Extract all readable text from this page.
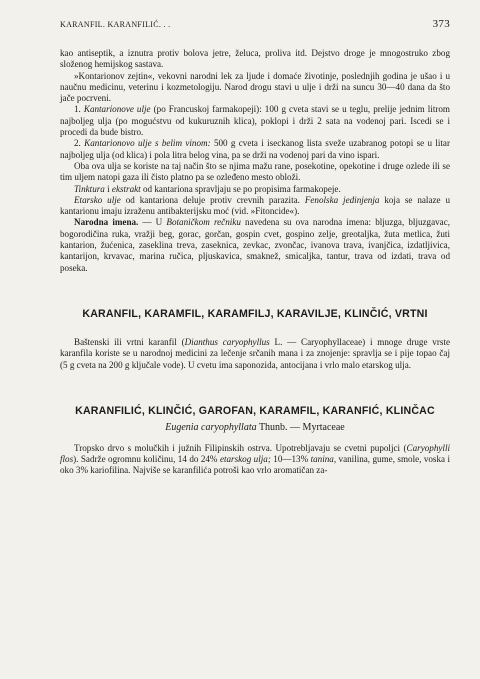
KARANFIL. KARANFILIĆ. . .	373

kao antiseptik, a iznutra protiv bolova jetre, želuca, proliva itd. Dejstvo droge je mnogostruko zbog složenog hemijskog sastava.

»Kontarionov zejtin«, vekovni narodni lek za ljude i domaće životinje, poslednjih godina je ušao i u naučnu medicinu, veterinu i kozmetologiju. Narod drogu stavi u ulje i drži na suncu 30—40 dana da što jače pocrveni.

1. Kantarionove ulje (po Francuskoj farmakopeji): 100 g cveta stavi se u teglu, prelije jednim litrom najboljeg ulja (po mogućstvu od kukuruznih klica), poklopi i drži 2 sata na vodenoj pari. Iscedi se i procedi da bude bistro.

2. Kantarionovo ulje s belim vinom: 500 g cveta i iseckanog lista sveže uzabranog potopi se u litar najboljeg ulja (od klica) i pola litra belog vina, pa se drži na vodenoj pari da vino ispari.

Oba ova ulja se koriste na taj način što se njima mažu rane, posekotine, opekotine i druge ozlede ili se tim uljem natopi gaza ili čisto platno pa se ozleđeno mesto obloži.

Tinktura i ekstrakt od kantariona spravljaju se po propisima farmakopeje.

Etarsko ulje od kantariona deluje protiv crevnih parazita. Fenolska jedinjenja koja se nalaze u kantarionu imaju izraženu antibakterijsku moć (vid. »Fitoncide«).

Narodna imena. — U Botaničkom rečniku navedena su ova narodna imena: bljuzga, bljuzgavac, bogorodičina ruka, vražji beg, gorac, gorčan, gospin cvet, gospino zelje, greotaljka, žuta metlica, žuti kantarion, žućenica, zaseklina treva, zaseknica, zevkac, zvončac, ivanova trava, ivanjčica, izdatljivica, kantarijon, krvavac, marina ručica, pljuskavica, smaknež, smicaljka, tantur, trava od izdati, trava od poseka.

KARANFIL, KARAMFIL, KARAMFILJ, KARAVILJE, KLINČIĆ, VRTNI

Baštenski ili vrtni karanfil (Dianthus caryophyllus L. — Caryophyllaceae) i mnoge druge vrste karanfila koriste se u narodnoj medicini za lečenje srčanih mana i za znojenje: spravlja se i pije topao čaj (5 g cveta na 200 g ključale vode). U cvetu ima saponozida, antocijana i vrlo malo etarskog ulja.

KARANFILIĆ, KLINČIĆ, GAROFAN, KARAMFIL, KARANFIĆ, KLINČAC
Eugenia caryophyllata Thunb. — Myrtaceae

Tropsko drvo s molučkih i južnih Filipinskih ostrva. Upotrebljavaju se cvetni pupoljci (Caryophylli flos). Sadrže ogromnu količinu, 14 do 24% etarskog ulja; 10—13% tanina, vanilina, gume, smole, voska i oko 3% kariofilina. Najviše se karanfilića potroši kao vrlo aromatičan za-
